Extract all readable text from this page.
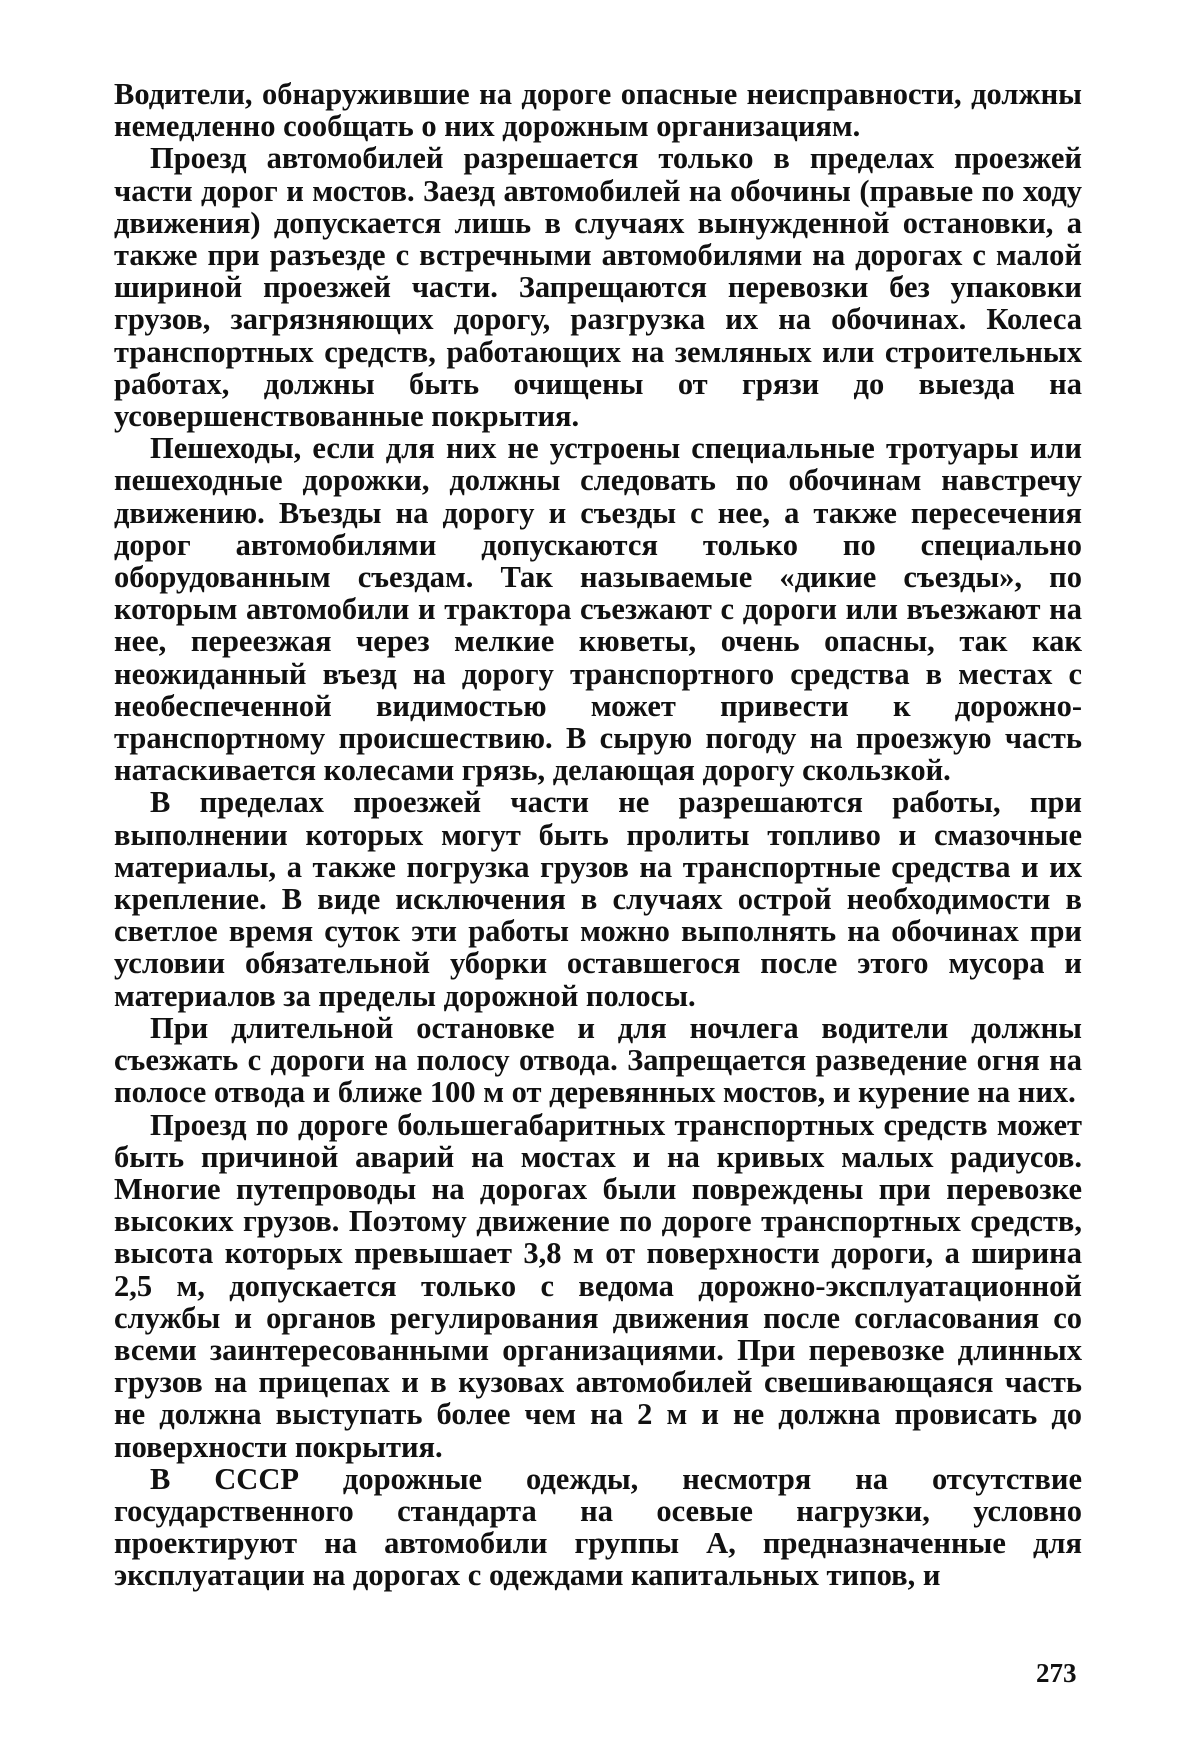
Водители, обнаружившие на дороге опасные неисправности, должны немедленно сообщать о них дорожным организациям.

Проезд автомобилей разрешается только в пределах проезжей части дорог и мостов. Заезд автомобилей на обочины (правые по ходу движения) допускается лишь в случаях вынужденной остановки, а также при разъезде с встречными автомобилями на дорогах с малой шириной проезжей части. Запрещаются перевозки без упаковки грузов, загрязняющих дорогу, разгрузка их на обочинах. Колеса транспортных средств, работающих на земляных или строительных работах, должны быть очищены от грязи до выезда на усовершенствованные покрытия.

Пешеходы, если для них не устроены специальные тротуары или пешеходные дорожки, должны следовать по обочинам навстречу движению. Въезды на дорогу и съезды с нее, а также пересечения дорог автомобилями допускаются только по специально оборудованным съездам. Так называемые «дикие съезды», по которым автомобили и трактора съезжают с дороги или въезжают на нее, переезжая через мелкие кюветы, очень опасны, так как неожиданный въезд на дорогу транспортного средства в местах с необеспеченной видимостью может привести к дорожно-транспортному происшествию. В сырую погоду на проезжую часть натаскивается колесами грязь, делающая дорогу скользкой.

В пределах проезжей части не разрешаются работы, при выполнении которых могут быть пролиты топливо и смазочные материалы, а также погрузка грузов на транспортные средства и их крепление. В виде исключения в случаях острой необходимости в светлое время суток эти работы можно выполнять на обочинах при условии обязательной уборки оставшегося после этого мусора и материалов за пределы дорожной полосы.

При длительной остановке и для ночлега водители должны съезжать с дороги на полосу отвода. Запрещается разведение огня на полосе отвода и ближе 100 м от деревянных мостов, и курение на них.

Проезд по дороге большегабаритных транспортных средств может быть причиной аварий на мостах и на кривых малых радиусов. Многие путепроводы на дорогах были повреждены при перевозке высоких грузов. Поэтому движение по дороге транспортных средств, высота которых превышает 3,8 м от поверхности дороги, а ширина 2,5 м, допускается только с ведома дорожно-эксплуатационной службы и органов регулирования движения после согласования со всеми заинтересованными организациями. При перевозке длинных грузов на прицепах и в кузовах автомобилей свешивающаяся часть не должна выступать более чем на 2 м и не должна провисать до поверхности покрытия.

В СССР дорожные одежды, несмотря на отсутствие государственного стандарта на осевые нагрузки, условно проектируют на автомобили группы А, предназначенные для эксплуатации на дорогах с одеждами капитальных типов, и

273
